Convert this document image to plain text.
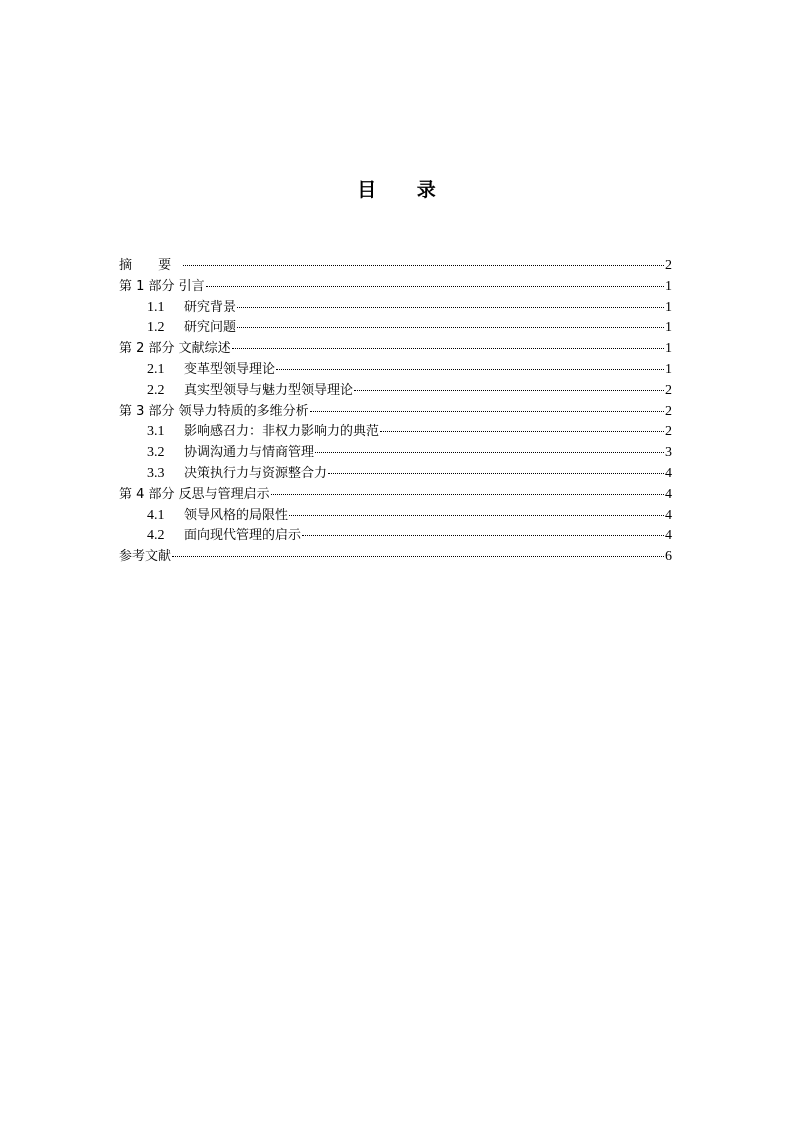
目 录
摘 要	2
第 1 部分 引言	1
1.1	研究背景	1
1.2	研究问题	1
第 2 部分 文献综述	1
2.1	变革型领导理论	1
2.2	真实型领导与魅力型领导理论	2
第 3 部分 领导力特质的多维分析	2
3.1	影响感召力：非权力影响力的典范	2
3.2	协调沟通力与情商管理	3
3.3	决策执行力与资源整合力	4
第 4 部分 反思与管理启示	4
4.1	领导风格的局限性	4
4.2	面向现代管理的启示	4
参考文献	6
